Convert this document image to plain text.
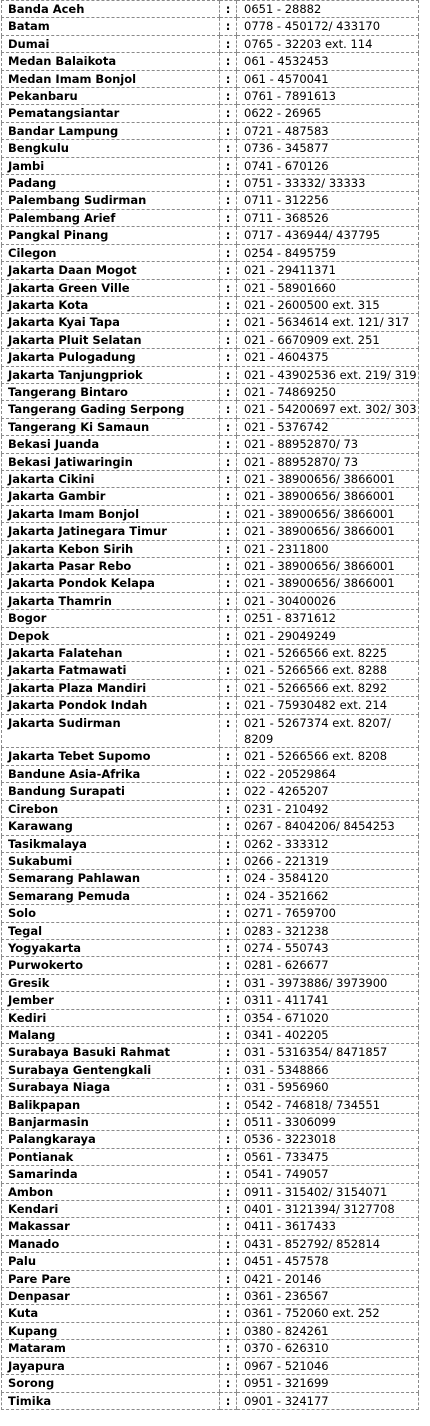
Banda Aceh	:	0651 - 28882
Batam	:	0778 - 450172/ 433170
Dumai	:	0765 - 32203 ext. 114
Medan Balaikota	:	061 - 4532453
Medan Imam Bonjol	:	061 - 4570041
Pekanbaru	:	0761 - 7891613
Pematangsiantar	:	0622 - 26965
Bandar Lampung	:	0721 - 487583
Bengkulu	:	0736 - 345877
Jambi	:	0741 - 670126
Padang	:	0751 - 33332/ 33333
Palembang Sudirman	:	0711 - 312256
Palembang Arief	:	0711 - 368526
Pangkal Pinang	:	0717 - 436944/ 437795
Cilegon	:	0254 - 8495759
Jakarta Daan Mogot	:	021 - 29411371
Jakarta Green Ville	:	021 - 58901660
Jakarta Kota	:	021 - 2600500 ext. 315
Jakarta Kyai Tapa	:	021 - 5634614 ext. 121/ 317
Jakarta Pluit Selatan	:	021 - 6670909 ext. 251
Jakarta Pulogadung	:	021 - 4604375
Jakarta Tanjungpriok	:	021 - 43902536 ext. 219/ 319
Tangerang Bintaro	:	021 - 74869250
Tangerang Gading Serpong	:	021 - 54200697 ext. 302/ 303
Tangerang Ki Samaun	:	021 - 5376742
Bekasi Juanda	:	021 - 88952870/ 73
Bekasi Jatiwaringin	:	021 - 88952870/ 73
Jakarta Cikini	:	021 - 38900656/ 3866001
Jakarta Gambir	:	021 - 38900656/ 3866001
Jakarta Imam Bonjol	:	021 - 38900656/ 3866001
Jakarta Jatinegara Timur	:	021 - 38900656/ 3866001
Jakarta Kebon Sirih	:	021 - 2311800
Jakarta Pasar Rebo	:	021 - 38900656/ 3866001
Jakarta Pondok Kelapa	:	021 - 38900656/ 3866001
Jakarta Thamrin	:	021 - 30400026
Bogor	:	0251 - 8371612
Depok	:	021 - 29049249
Jakarta Falatehan	:	021 - 5266566 ext. 8225
Jakarta Fatmawati	:	021 - 5266566 ext. 8288
Jakarta Plaza Mandiri	:	021 - 5266566 ext. 8292
Jakarta Pondok Indah	:	021 - 75930482 ext. 214
Jakarta Sudirman	:	021 - 5267374 ext. 8207/ 8209
Jakarta Tebet Supomo	:	021 - 5266566 ext. 8208
Bandune Asia-Afrika	:	022 - 20529864
Bandung Surapati	:	022 - 4265207
Cirebon	:	0231 - 210492
Karawang	:	0267 - 8404206/ 8454253
Tasikmalaya	:	0262 - 333312
Sukabumi	:	0266 - 221319
Semarang Pahlawan	:	024 - 3584120
Semarang Pemuda	:	024 - 3521662
Solo	:	0271 - 7659700
Tegal	:	0283 - 321238
Yogyakarta	:	0274 - 550743
Purwokerto	:	0281 - 626677
Gresik	:	031 - 3973886/ 3973900
Jember	:	0311 - 411741
Kediri	:	0354 - 671020
Malang	:	0341 - 402205
Surabaya Basuki Rahmat	:	031 - 5316354/ 8471857
Surabaya Gentengkali	:	031 - 5348866
Surabaya Niaga	:	031 - 5956960
Balikpapan	:	0542 - 746818/ 734551
Banjarmasin	:	0511 - 3306099
Palangkaraya	:	0536 - 3223018
Pontianak	:	0561 - 733475
Samarinda	:	0541 - 749057
Ambon	:	0911 - 315402/ 3154071
Kendari	:	0401 - 3121394/ 3127708
Makassar	:	0411 - 3617433
Manado	:	0431 - 852792/ 852814
Palu	:	0451 - 457578
Pare Pare	:	0421 - 20146
Denpasar	:	0361 - 236567
Kuta	:	0361 - 752060 ext. 252
Kupang	:	0380 - 824261
Mataram	:	0370 - 626310
Jayapura	:	0967 - 521046
Sorong	:	0951 - 321699
Timika	:	0901 - 324177
